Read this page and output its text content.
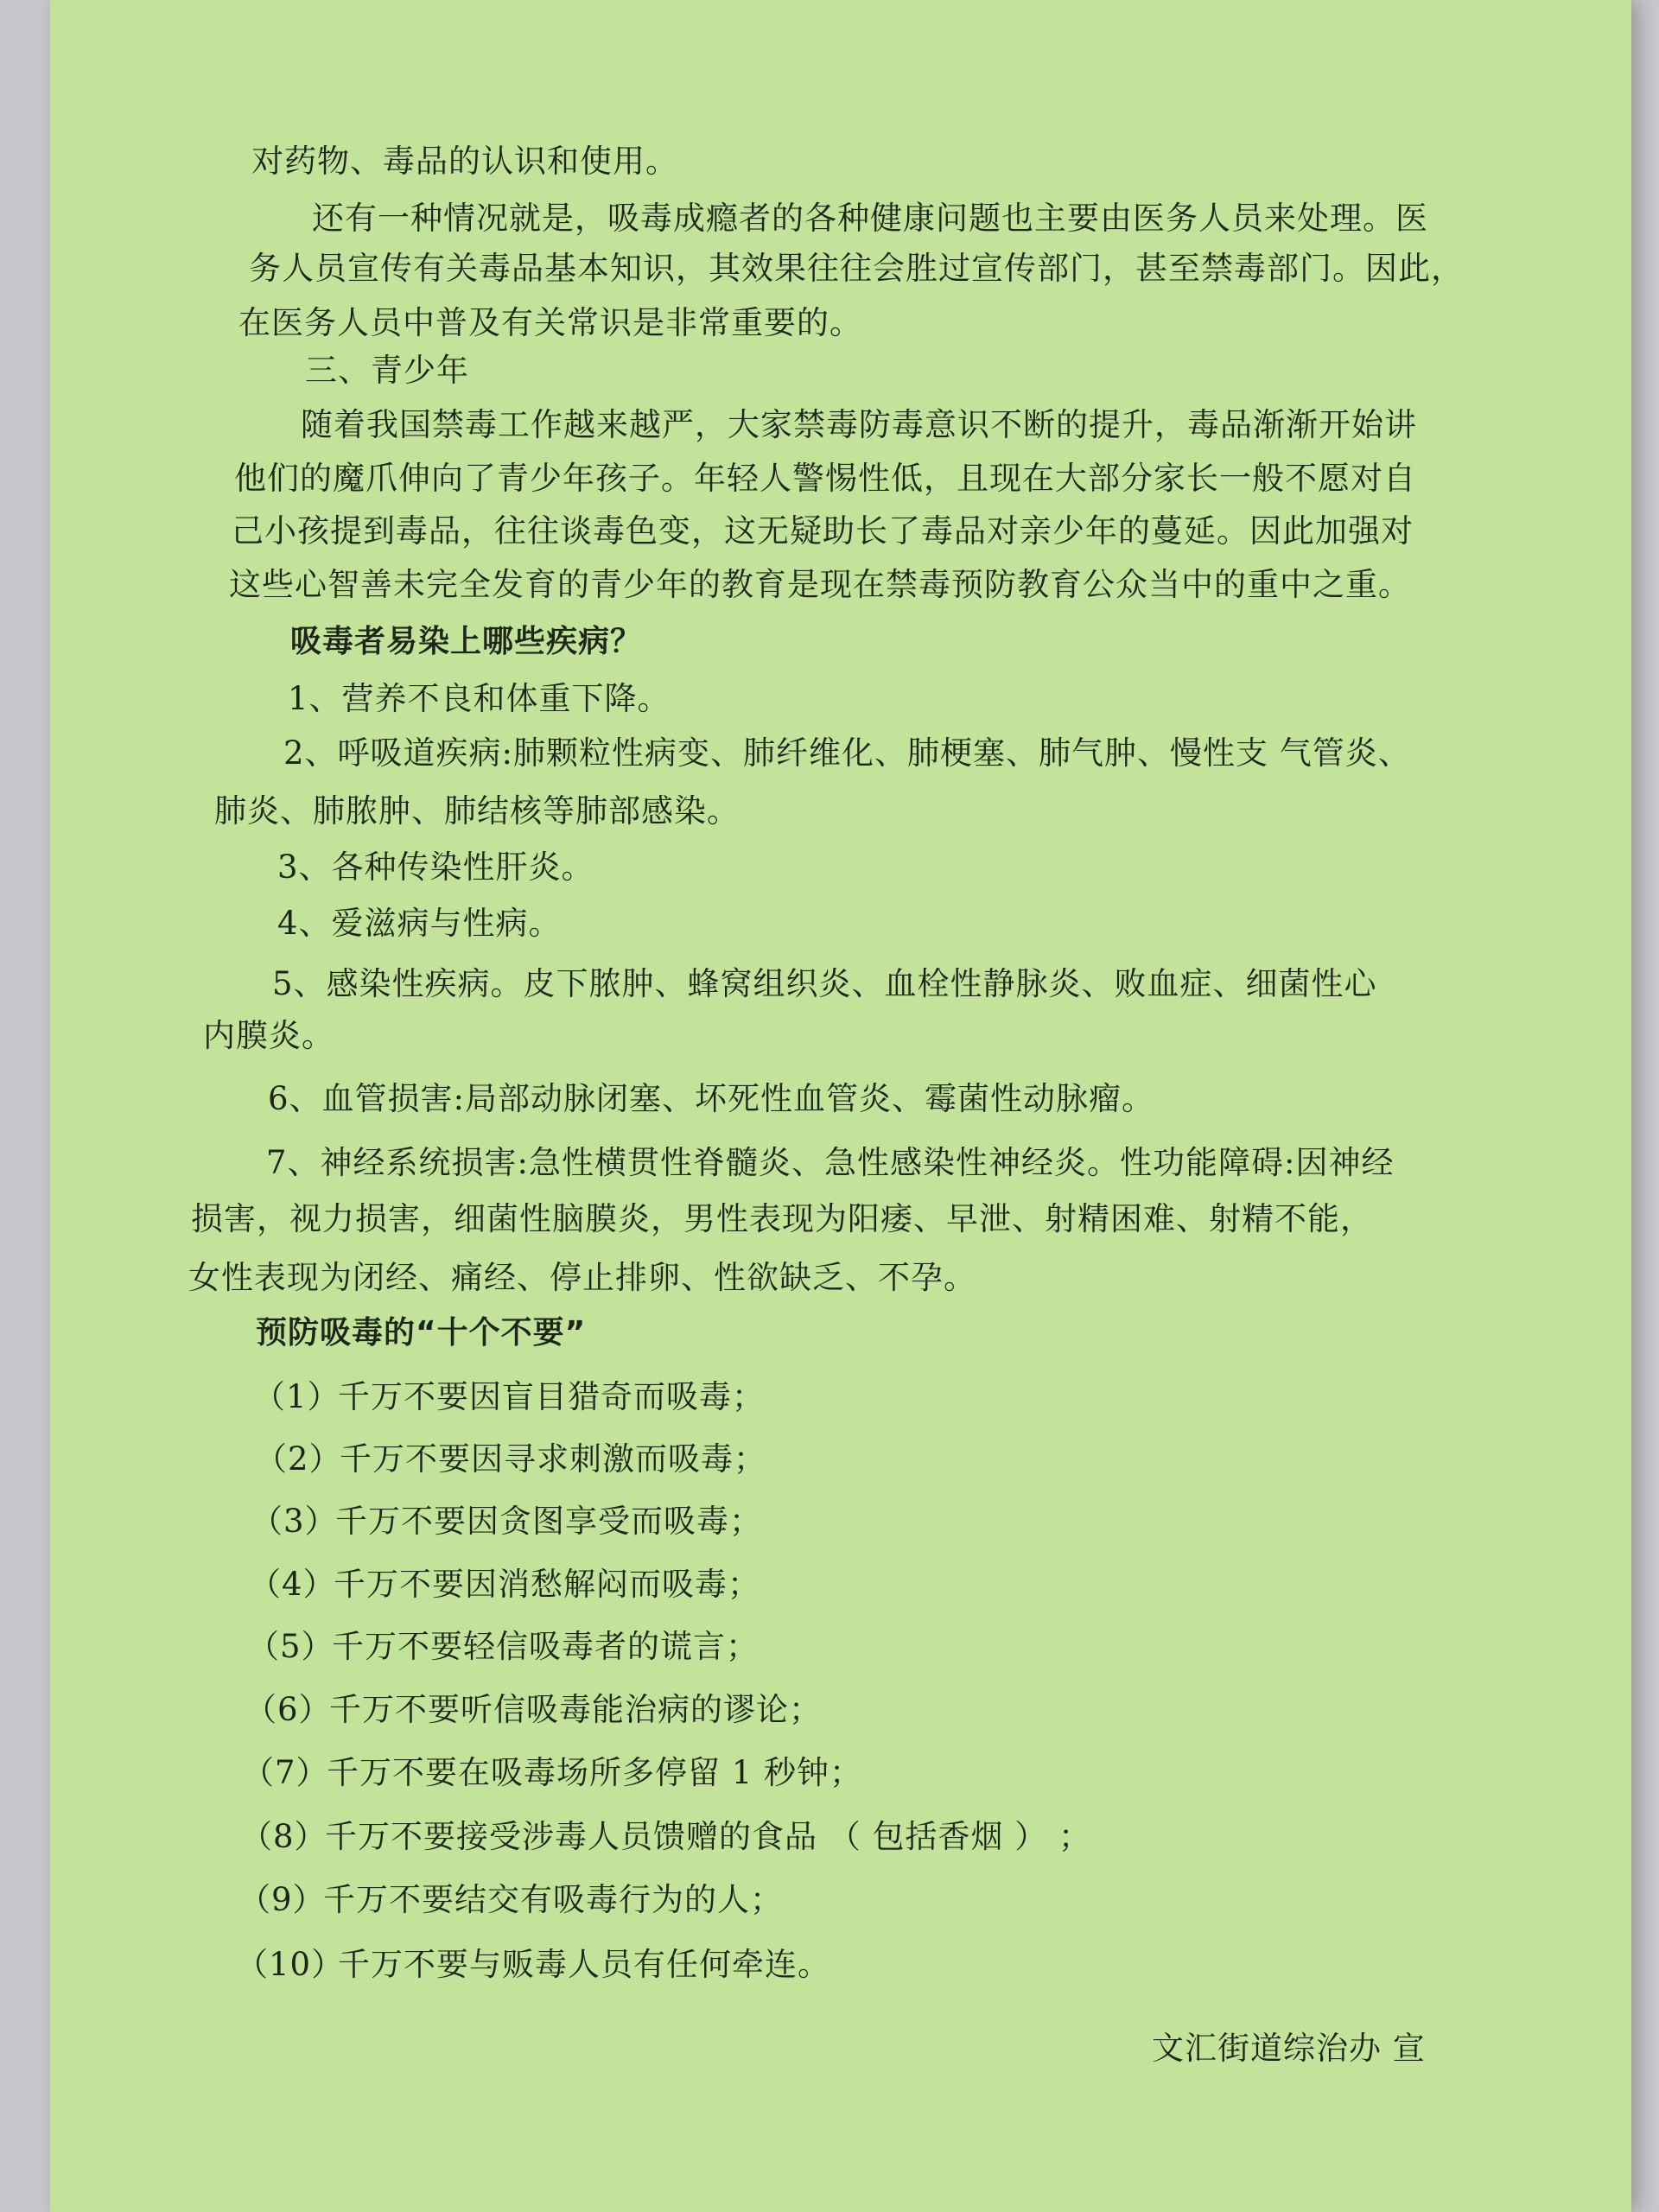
对药物、毒品的认识和使用。
还有一种情况就是，吸毒成瘾者的各种健康问题也主要由医务人员来处理。医
务人员宣传有关毒品基本知识，其效果往往会胜过宣传部门，甚至禁毒部门。因此，
在医务人员中普及有关常识是非常重要的。
三、青少年
随着我国禁毒工作越来越严，大家禁毒防毒意识不断的提升，毒品渐渐开始讲
他们的魔爪伸向了青少年孩子。年轻人警惕性低，且现在大部分家长一般不愿对自
己小孩提到毒品，往往谈毒色变，这无疑助长了毒品对亲少年的蔓延。因此加强对
这些心智善未完全发育的青少年的教育是现在禁毒预防教育公众当中的重中之重。
吸毒者易染上哪些疾病？
1、营养不良和体重下降。
2、呼吸道疾病:肺颗粒性病变、肺纤维化、肺梗塞、肺气肿、慢性支 气管炎、
肺炎、肺脓肿、肺结核等肺部感染。
3、各种传染性肝炎。
4、爱滋病与性病。
5、感染性疾病。皮下脓肿、蜂窝组织炎、血栓性静脉炎、败血症、细菌性心
内膜炎。
6、血管损害:局部动脉闭塞、坏死性血管炎、霉菌性动脉瘤。
7、神经系统损害:急性横贯性脊髓炎、急性感染性神经炎。性功能障碍:因神经
损害，视力损害，细菌性脑膜炎，男性表现为阳痿、早泄、射精困难、射精不能，
女性表现为闭经、痛经、停止排卵、性欲缺乏、不孕。
预防吸毒的“十个不要”
（1）千万不要因盲目猎奇而吸毒；
（2）千万不要因寻求刺激而吸毒；
（3）千万不要因贪图享受而吸毒；
（4）千万不要因消愁解闷而吸毒；
（5）千万不要轻信吸毒者的谎言；
（6）千万不要听信吸毒能治病的谬论；
（7）千万不要在吸毒场所多停留 1 秒钟；
（8）千万不要接受涉毒人员馈赠的食品 （ 包括香烟 ） ；
（9）千万不要结交有吸毒行为的人；
（10）千万不要与贩毒人员有任何牵连。
文汇街道综治办 宣
